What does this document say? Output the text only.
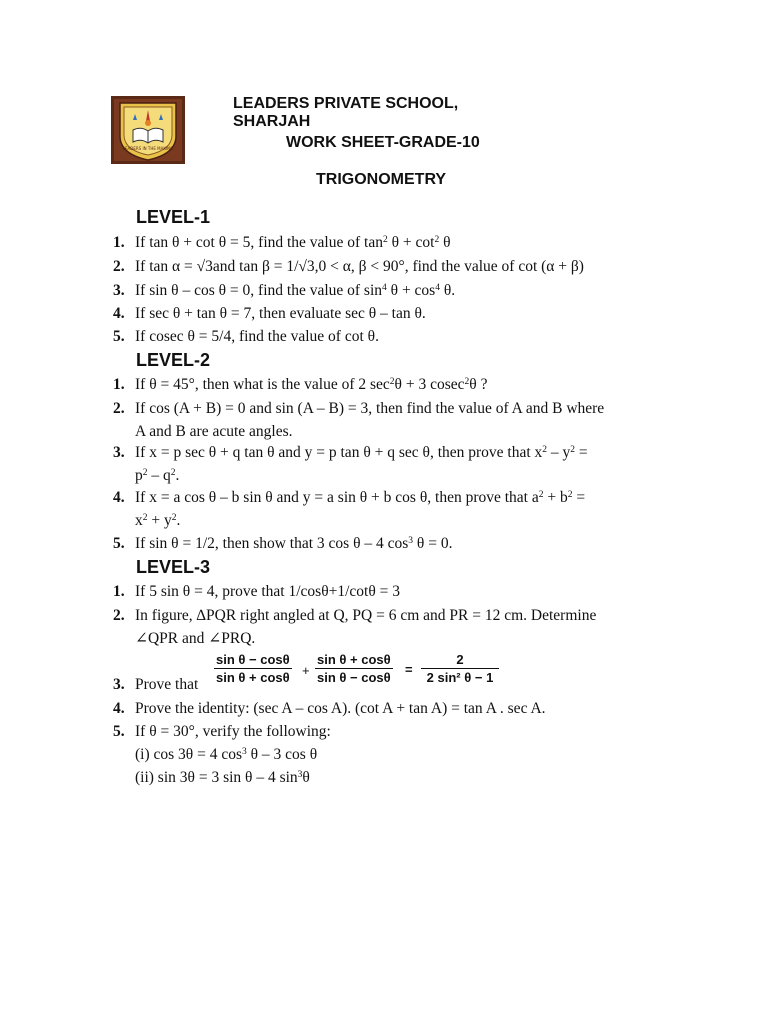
LEADERS IN THE MAKING
LEADERS PRIVATE SCHOOL, SHARJAH
WORK SHEET-GRADE-10
TRIGONOMETRY
LEVEL-1
1. If tan θ + cot θ = 5, find the value of $\tan^2 \theta + \cot^2 \theta$
2. If tan α = √3and tan β = 1/√3,0 < α, β < 90°, find the value of cot (α + β)
3. If sin θ – cos θ = 0, find the value of $\sin^4 \theta + \cos^4 \theta$.
4. If sec θ + tan θ = 7, then evaluate sec θ – tan θ.
5. If cosec θ = 5/4, find the value of cot θ.
LEVEL-2
1. If θ = 45°, then what is the value of 2 $\sec^2\theta + 3$ cosec$^2$θ ?
2. If cos (A + B) = 0 and sin (A – B) = 3, then find the value of A and B where
A and B are acute angles.
3. If x = p sec θ + q tan θ and y = p tan θ + q sec θ, then prove that $x^2 - y^2$ =
$p^2 - q^2$.
4. If x = a cos θ – b sin θ and y = a sin θ + b cos θ, then prove that $a^2 + b^2$ =
$x^2 + y^2$.
5. If sin θ = 1/2, then show that 3 cos θ – 4 $\cos^3 \theta = 0$.
LEVEL-3
1. If 5 sin θ = 4, prove that 1/cosθ+1/cotθ = 3
2. In figure, ∆PQR right angled at Q, PQ = 6 cm and PR = 12 cm. Determine
∠QPR and ∠PRQ.
3. Prove that
4. Prove the identity: (sec A – cos A). (cot A + tan A) = tan A . sec A.
5. If θ = 30°, verify the following:
(i) cos 3θ = 4 $\cos^3 \theta - 3$ cos θ
(ii) sin 3θ = 3 sin θ – 4 $\sin^3\theta$
$\frac{\text{sin θ − cosθ}}{\text{sin θ + cosθ}} + \frac{\text{sin θ + cosθ}}{\text{sin θ − cosθ}} = \frac{2}{\text{2 sin² θ − 1}}$
